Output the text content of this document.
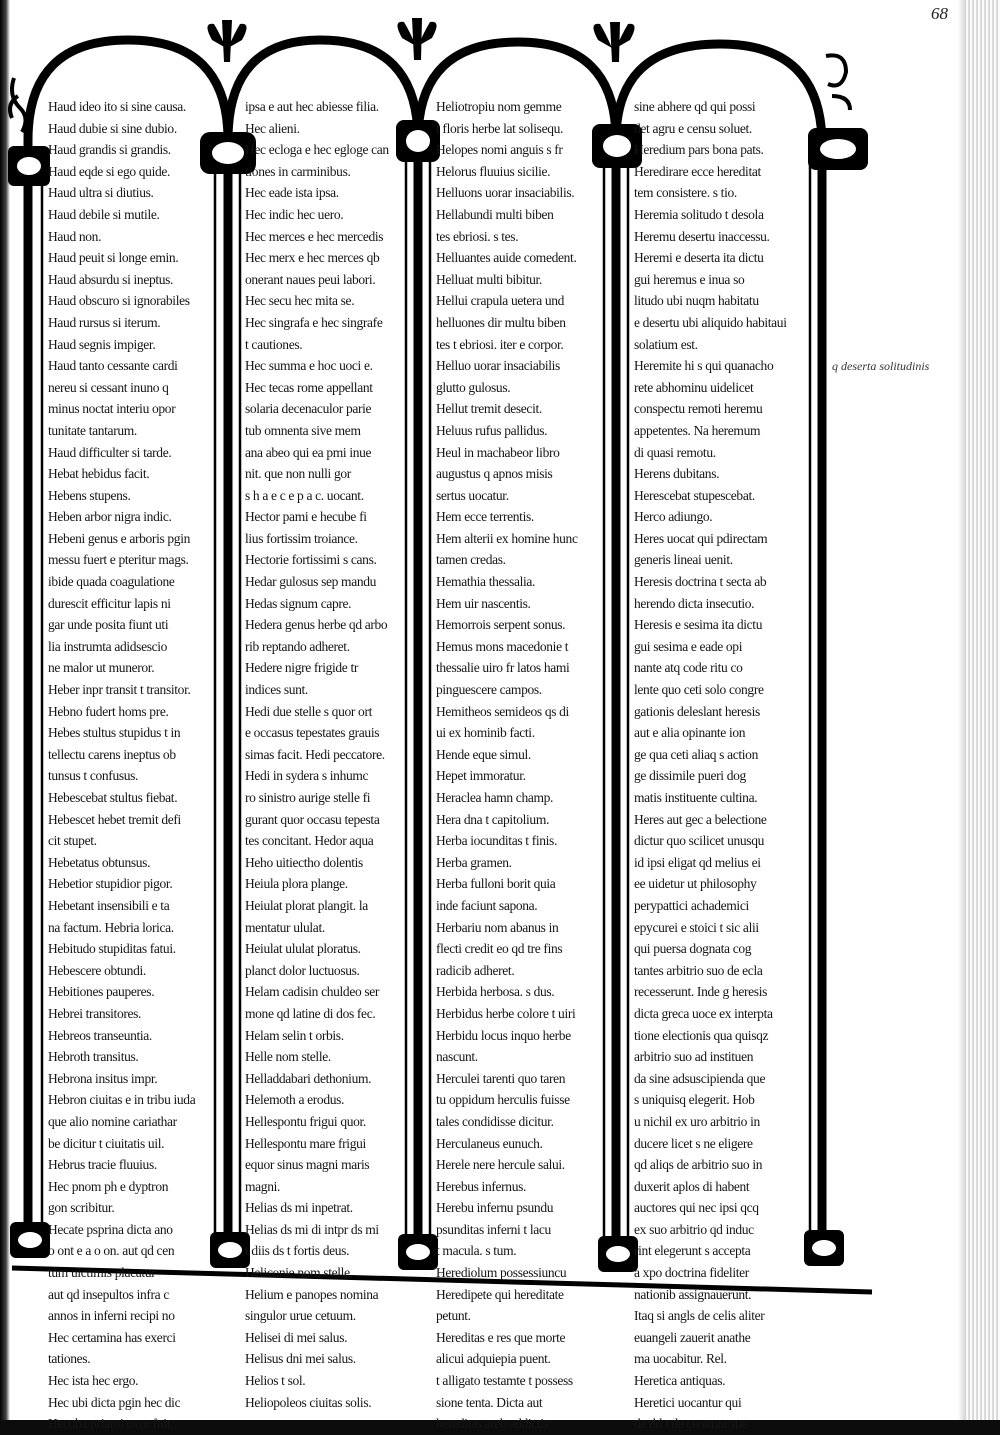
68
Haud ideo ito si sine causa.
Haud dubie si sine dubio.
Haud grandis si grandis.
Haud eqde si ego quide.
Haud ultra si diutius.
Haud debile si mutile.
Haud non.
Haud peuit si longe emin.
Haud absurdu si ineptus.
Haud obscuro si ignorabiles
Haud rursus si iterum.
Haud segnis impiger.
Haud tanto cessante cardi
nereu si cessant inuno q
minus noctat interiu opor
tunitate tantarum.
Haud difficulter si tarde.
Hebat hebidus facit.
Hebens stupens.
Heben arbor nigra indic.
Hebeni genus e arboris pgin
messu fuert e pteritur mags.
ibide quada coagulatione
durescit efficitur lapis ni
gar unde posita fiunt uti
lia instrumta adidsescio
ne malor ut muneror.
Heber inpr transit t transitor.
Hebno fudert homs pre.
Hebes stultus stupidus t in
tellectu carens ineptus ob
tunsus t confusus.
Hebescebat stultus fiebat.
Hebescet hebet tremit defi
cit stupet.
Hebetatus obtunsus.
Hebetior stupidior pigor.
Hebetant insensibili e ta
na factum. Hebria lorica.
Hebitudo stupiditas fatui.
Hebescere obtundi.
Hebitiones pauperes.
Hebrei transitores.
Hebreos transeuntia.
Hebroth transitus.
Hebrona insitus impr.
Hebron ciuitas e in tribu iuda
que alio nomine cariathar
be dicitur t ciuitatis uil.
Hebrus tracie fluuius.
Hec pnom ph e dyptron
gon scribitur.
Hecate psprina dicta ano
o ont e a o on. aut qd cen
tum uictimis placatur
aut qd insepultos infra c
annos in inferni recipi no
Hec certamina has exerci
tationes.
Hec ista hec ergo.
Hec ubi dicta pgin hec dic
Hecuba priami uxor fuit.
ipsa e aut hec abiesse filia.
Hec alieni.
Hec ecloga e hec egloge can
tiones in carminibus.
Hec eade ista ipsa.
Hec indic hec uero.
Hec merces e hec mercedis
Hec merx e hec merces qb
onerant naues peui labori.
Hec secu hec mita se.
Hec singrafa e hec singrafe
t cautiones.
Hec summa e hoc uoci e.
Hec tecas rome appellant
solaria decenaculor parie
tub omnenta sive mem
ana abeo qui ea pmi inue
nit. que non nulli gor
s h a e c e p a c. uocant.
Hector pami e hecube fi
lius fortissim troiance.
Hectorie fortissimi s cans.
Hedar gulosus sep mandu
Hedas signum capre.
Hedera genus herbe qd arbo
rib reptando adheret.
Hedere nigre frigide tr
indices sunt.
Hedi due stelle s quor ort
e occasus tepestates grauis
simas facit. Hedi peccatore.
Hedi in sydera s inhumc
ro sinistro aurige stelle fi
gurant quor occasu tepesta
tes concitant. Hedor aqua
Heho uitiectho dolentis
Heiula plora plange.
Heiulat plorat plangit. la
mentatur ululat.
Heiulat ululat ploratus.
planct dolor luctuosus.
Helam cadisin chuldeo ser
mone qd latine di dos fec.
Helam selin t orbis.
Helle nom stelle.
Helladdabari dethonium.
Helemoth a erodus.
Hellespontu frigui quor.
Hellespontu mare frigui
equor sinus magni maris
magni.
Helias ds mi inpetrat.
Helias ds mi di intpr ds mi
t diis ds t fortis deus.
Heliconie nom stelle.
Helium e panopes nomina
singulor urue cetuum.
Helisei di mei salus.
Helisus dni mei salus.
Helios t sol.
Heliopoleos ciuitas solis.
Heliotropiu nom gemme
t floris herbe lat solisequ.
Helopes nomi anguis s fr
Helorus fluuius sicilie.
Helluons uorar insaciabilis.
Hellabundi multi biben
tes ebriosi. s tes.
Helluantes auide comedent.
Helluat multi bibitur.
Hellui crapula uetera und
helluones dir multu biben
tes t ebriosi. iter e corpor.
Helluo uorar insaciabilis
glutto gulosus.
Hellut tremit desecit.
Heluus rufus pallidus.
Heul in machabeor libro
augustus q apnos misis
sertus uocatur.
Hem ecce terrentis.
Hem alterii ex homine hunc
tamen credas.
Hemathia thessalia.
Hem uir nascentis.
Hemorrois serpent sonus.
Hemus mons macedonie t
thessalie uiro fr latos hami
pinguescere campos.
Hemitheos semideos qs di
ui ex hominib facti.
Hende eque simul.
Hepet immoratur.
Heraclea hamn champ.
Hera dna t capitolium.
Herba iocunditas t finis.
Herba gramen.
Herba fulloni borit quia
inde faciunt sapona.
Herbariu nom abanus in
flecti credit eo qd tre fins
radicib adheret.
Herbida herbosa. s dus.
Herbidus herbe colore t uiri
Herbidu locus inquo herbe
nascunt.
Herculei tarenti quo taren
tu oppidum herculis fuisse
tales condidisse dicitur.
Herculaneus eunuch.
Herele nere hercule salui.
Herebus infernus.
Herebu infernu psundu
psunditas inferni t lacu
t macula. s tum.
Herediolum possessiuncu
Heredipete qui hereditate
petunt.
Hereditas e res que morte
alicui adquiepia puent.
t alligato testamte t possess
sione tenta. Dicta aut
hereditas areb addictis
sine abhere qd qui possi
det agru e censu soluet.
Heredium pars bona pats.
Heredirare ecce hereditat
tem consistere. s tio.
Heremia solitudo t desola
Heremu desertu inaccessu.
Heremi e deserta ita dictu
gui heremus e inua so
litudo ubi nuqm habitatu
e desertu ubi aliquido habitaui
solatium est.
Heremite hi s qui quanacho
rete abhominu uidelicet
conspectu remoti heremu
appetentes. Na heremum
di quasi remotu.
Herens dubitans.
Herescebat stupescebat.
Herco adiungo.
Heres uocat qui pdirectam
generis lineai uenit.
Heresis doctrina t secta ab
herendo dicta insecutio.
Heresis e sesima ita dictu
gui sesima e eade opi
nante atq code ritu co
lente quo ceti solo congre
gationis deleslant heresis
aut e alia opinante ion
ge qua ceti aliaq s action
ge dissimile pueri dog
matis instituente cultina.
Heres aut gec a belectione
dictur quo scilicet unusqu
id ipsi eligat qd melius ei
ee uidetur ut philosophy
perypattici achademici
epycurei e stoici t sic alii
qui puersa dognata cog
tantes arbitrio suo de ecla
recesserunt. Inde g heresis
dicta greca uoce ex interpta
tione electionis qua quisqz
arbitrio suo ad instituen
da sine adsuscipienda que
s uniquisq elegerit. Hob
u nichil ex uro arbitrio in
ducere licet s ne eligere
qd aliqs de arbitrio suo in
duxerit aplos di habent
auctores qui nec ipsi qcq
ex suo arbitrio qd induc
rint elegerunt s accepta
a xpo doctrina fideliter
nationib assignauerunt.
Itaq si angls de celis aliter
euangeli zauerit anathe
ma uocabitur. Rel.
Heretica antiquas.
Heretici uocantur qui
de dd t de creatura sue
q deserta solitudinis
